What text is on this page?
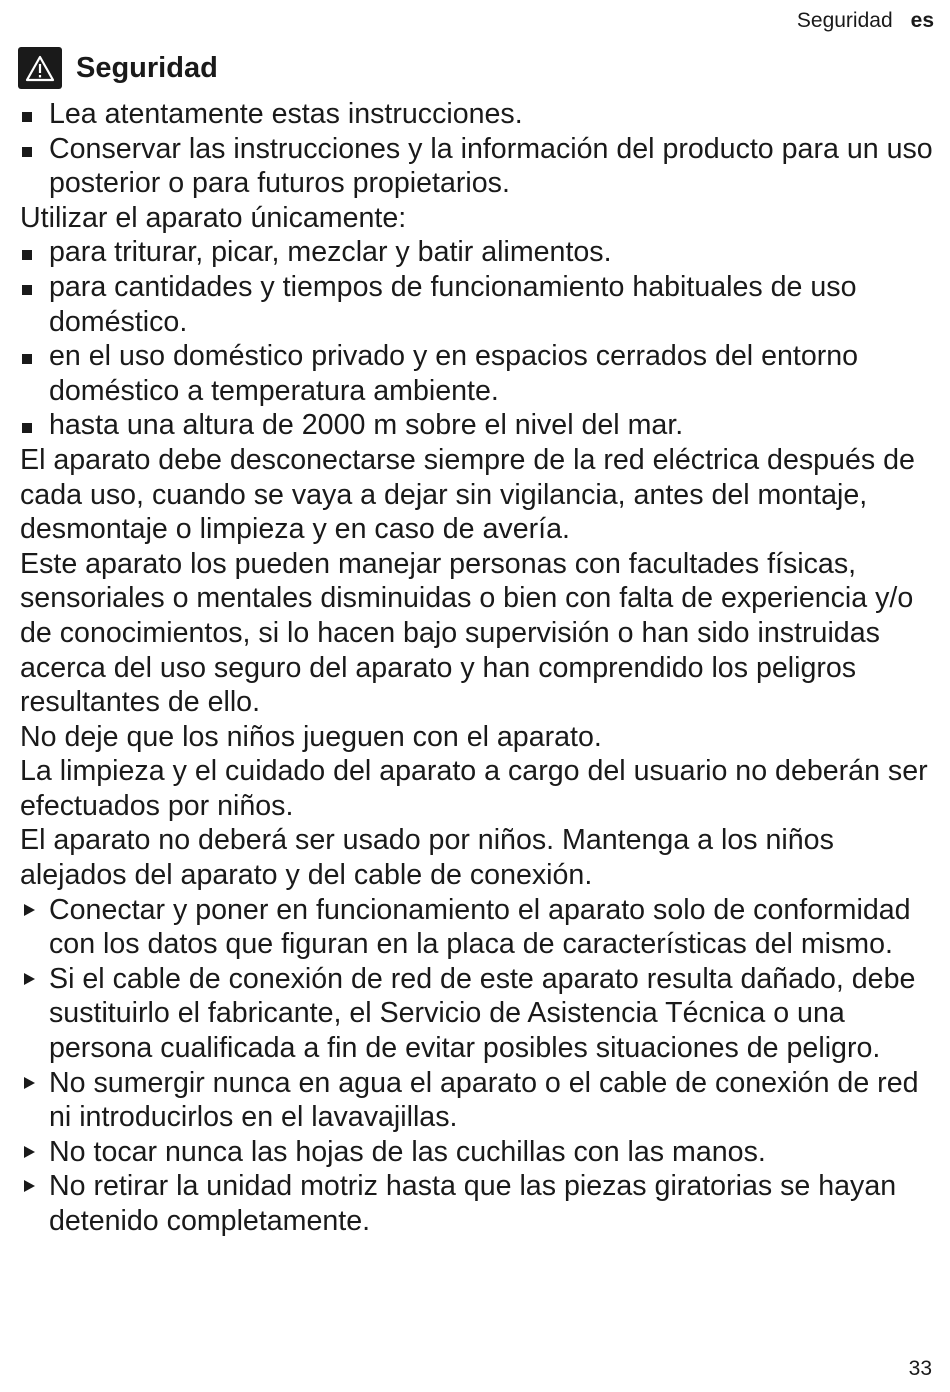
Seguridad es
Seguridad

Lea atentamente estas instrucciones.

Conservar las instrucciones y la información del producto para un uso posterior o para futuros propietarios.

Utilizar el aparato únicamente:

para triturar, picar, mezclar y batir alimentos.

para cantidades y tiempos de funcionamiento habituales de uso doméstico.

en el uso doméstico privado y en espacios cerrados del entorno doméstico a temperatura ambiente.

hasta una altura de 2000 m sobre el nivel del mar.

El aparato debe desconectarse siempre de la red eléctrica después de cada uso, cuando se vaya a dejar sin vigilancia, antes del montaje, desmontaje o limpieza y en caso de avería.

Este aparato los pueden manejar personas con facultades físicas, sensoriales o mentales disminuidas o bien con falta de experiencia y/o de conocimientos, si lo hacen bajo supervisión o han sido instruidas acerca del uso seguro del aparato y han comprendido los peligros resultantes de ello.

No deje que los niños jueguen con el aparato.

La limpieza y el cuidado del aparato a cargo del usuario no deberán ser efectuados por niños.

El aparato no deberá ser usado por niños. Mantenga a los niños alejados del aparato y del cable de conexión.

Conectar y poner en funcionamiento el aparato solo de conformidad con los datos que figuran en la placa de características del mismo.

Si el cable de conexión de red de este aparato resulta dañado, debe sustituirlo el fabricante, el Servicio de Asistencia Técnica o una persona cualificada a fin de evitar posibles situaciones de peligro.

No sumergir nunca en agua el aparato o el cable de conexión de red ni introducirlos en el lavavajillas.

No tocar nunca las hojas de las cuchillas con las manos.

No retirar la unidad motriz hasta que las piezas giratorias se hayan detenido completamente.

33
